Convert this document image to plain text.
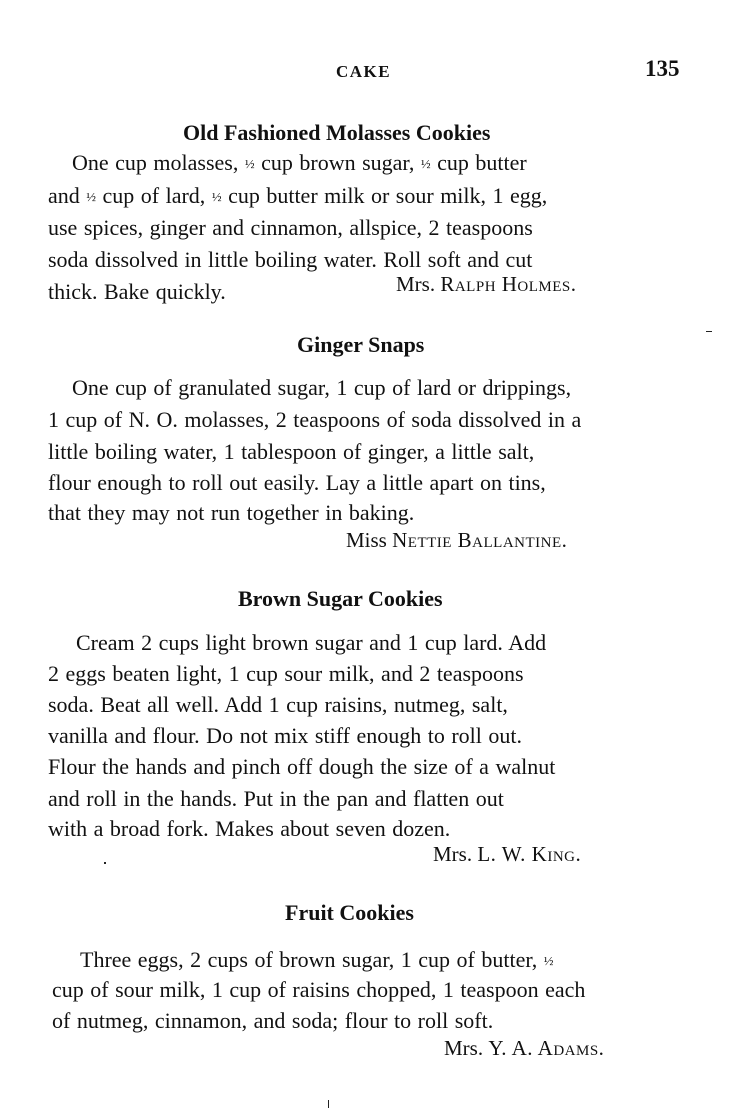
CAKE	135
Old Fashioned Molasses Cookies
One cup molasses, ½ cup brown sugar, ½ cup butter
and ½ cup of lard, ½ cup butter milk or sour milk, 1 egg,
use spices, ginger and cinnamon, allspice, 2 teaspoons
soda dissolved in little boiling water. Roll soft and cut
thick. Bake quickly.	Mrs. Ralph Holmes.
Ginger Snaps
One cup of granulated sugar, 1 cup of lard or drippings,
1 cup of N. O. molasses, 2 teaspoons of soda dissolved in a
little boiling water, 1 tablespoon of ginger, a little salt,
flour enough to roll out easily. Lay a little apart on tins,
that they may not run together in baking.
Miss Nettie Ballantine.
Brown Sugar Cookies
Cream 2 cups light brown sugar and 1 cup lard. Add
2 eggs beaten light, 1 cup sour milk, and 2 teaspoons
soda. Beat all well. Add 1 cup raisins, nutmeg, salt,
vanilla and flour. Do not mix stiff enough to roll out.
Flour the hands and pinch off dough the size of a walnut
and roll in the hands. Put in the pan and flatten out
with a broad fork. Makes about seven dozen.
Mrs. L. W. King.
Fruit Cookies
Three eggs, 2 cups of brown sugar, 1 cup of butter, ½
cup of sour milk, 1 cup of raisins chopped, 1 teaspoon each
of nutmeg, cinnamon, and soda; flour to roll soft.
Mrs. Y. A. Adams.
